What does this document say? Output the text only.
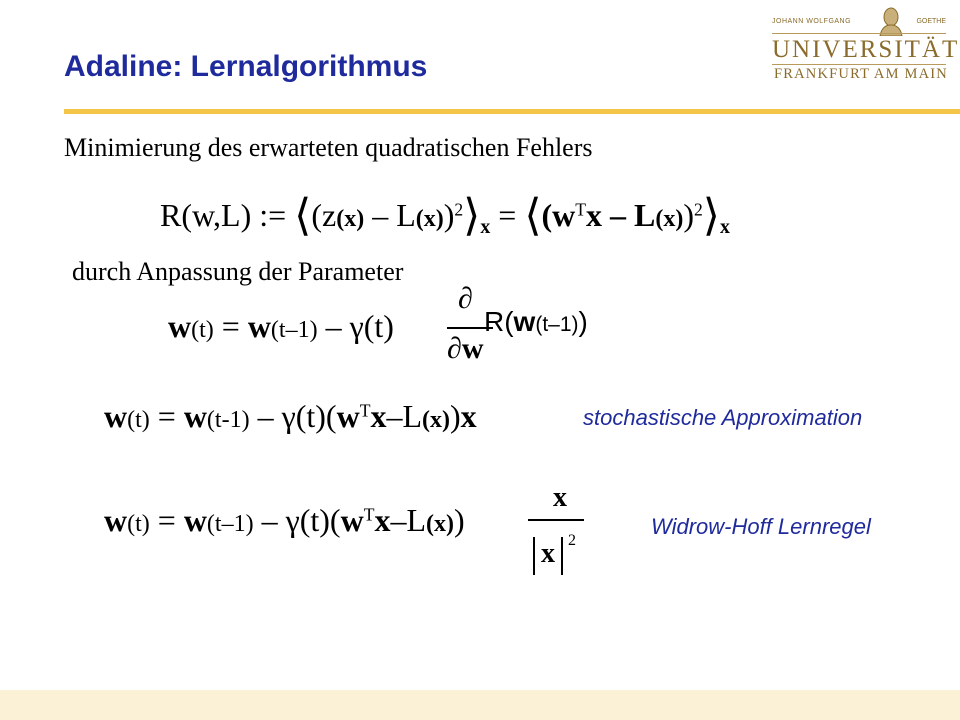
Adaline: Lernalgorithmus
JOHANN WOLFGANG	GOETHE
UNIVERSITÄT
FRANKFURT AM MAIN
Minimierung des erwarteten quadratischen Fehlers
R(w,L) := ⟨(z(x) – $L(x))^2⟩_x$ = $⟨(w^Tx$ – $L(x))^2⟩_x$
durch Anpassung der Parameter
w(t) = w(t–1) – γ(t)
∂
∂w
R(w(t–1))
$w(t) = w(t-1) - \gamma(t)(w^Tx-L(x))x$	stochastische Approximation
$w(t) = w(t-1) - \gamma(t)(w^Tx-L(x))$
x
x 2
Widrow-Hoff Lernregel
